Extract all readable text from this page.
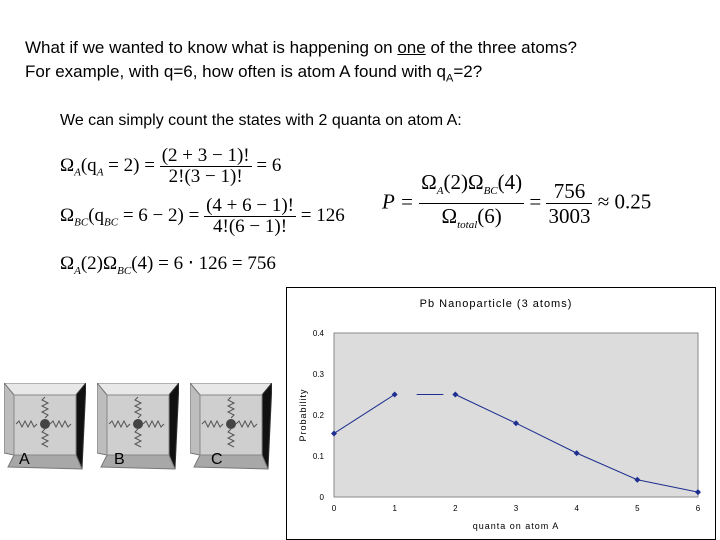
What if we wanted to know what is happening on one of the three atoms?
For example, with q=6, how often is atom A found with $q_A=2$?
We can simply count the states with 2 quanta on atom A:
$\Omega_A(q_A = 2) = \frac{(2 + 3 - 1)!}{2!(3 - 1)!} = 6$
$\Omega_{BC}(q_{BC} = 6 - 2) = \frac{(4 + 6 - 1)!}{4!(6 - 1)!} = 126$
$\Omega_A(2)\Omega_{BC}(4) = 6 \cdot 126 = 756$
$P = \frac{\Omega_A(2)\Omega_{BC}(4)}{\Omega_{total}(6)} = \frac{756}{3003} \approx 0.25$
A	B	C
Pb Nanoparticle (3 atoms)
Probability
quanta on atom A
0
0.1
0.2
0.3
0.4
0	1	2	3	4	5	6
